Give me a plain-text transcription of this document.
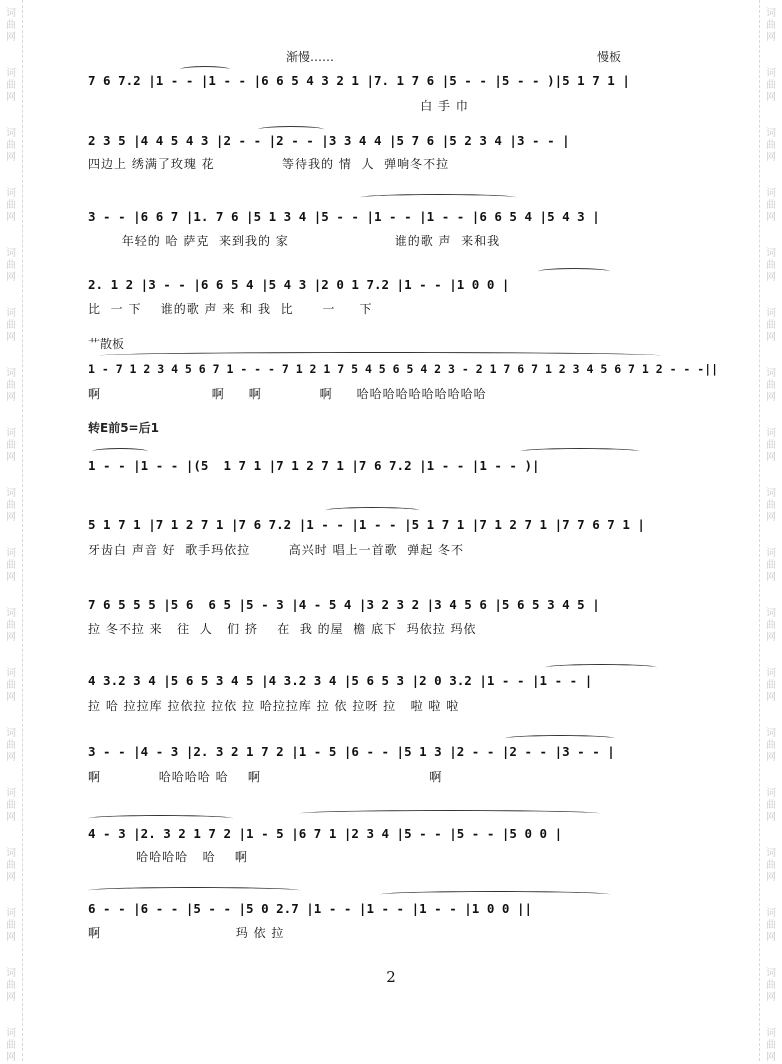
词
曲
网
词
曲
网
词
曲
网
词
曲
网
词
曲
网
词
曲
网
词
曲
网
词
曲
网
词
曲
网
词
曲
网
词
曲
网
词
曲
网
词
曲
网
词
曲
网
词
曲
网
词
曲
网
词
曲
网
词
曲
网
词
曲
网
词
曲
网
词
曲
网
词
曲
网
词
曲
网
词
曲
网
词
曲
网
词
曲
网
词
曲
网
词
曲
网
词
曲
网
词
曲
网
词
曲
网
词
曲
网
词
曲
网
词
曲
网
词
曲
网
词
曲
网
渐慢……	慢板
艹散板
转E前5=后1
7 6 7.2 |1 - - |1 - - |6 6 5 4 3 2 1 |7. 1 7 6 |5 - - |5 - - )|5 1 7 1 |
白 手 巾
2 3 5 |4 4 5 4 3 |2 - - |2 - - |3 3 4 4 |5 7 6 |5 2 3 4 |3 - - |
四边上 绣满了玫瑰 花              等待我的 情  人  弹响冬不拉
3 - - |6 6 7 |1. 7 6 |5 1 3 4 |5 - - |1 - - |1 - - |6 6 5 4 |5 4 3 |
年轻的 哈 萨克  来到我的 家                      谁的歌 声  来和我
2. 1 2 |3 - - |6 6 5 4 |5 4 3 |2 0 1 7.2 |1 - - |1 0 0 |
比  一 下    谁的歌 声 来 和 我  比      一     下
1 - 7 1 2 3 4 5 6 7 1 - - - 7 1 2 1 7 5 4 5 6 5 4 2 3 - 2 1 7 6 7 1 2 3 4 5 6 7 1 2 - - -||
啊                       啊     啊            啊     哈哈哈哈哈哈哈哈哈哈
1 - - |1 - - |(5  1 7 1 |7 1 2 7 1 |7 6 7.2 |1 - - |1 - - )|
5 1 7 1 |7 1 2 7 1 |7 6 7.2 |1 - - |1 - - |5 1 7 1 |7 1 2 7 1 |7 7 6 7 1 |
牙齿白 声音 好  歌手玛依拉        高兴时 唱上一首歌  弹起 冬不
7 6 5 5 5 |5 6  6 5 |5 - 3 |4 - 5 4 |3 2 3 2 |3 4 5 6 |5 6 5 3 4 5 |
拉 冬不拉 来   往  人   们 挤    在  我 的屋  檐 底下  玛依拉 玛依
4 3.2 3 4 |5 6 5 3 4 5 |4 3.2 3 4 |5 6 5 3 |2 0 3.2 |1 - - |1 - - |
拉 哈 拉拉库 拉依拉 拉依 拉 哈拉拉库 拉 依 拉呀 拉   啦 啦 啦
3 - - |4 - 3 |2. 3 2 1 7 2 |1 - 5 |6 - - |5 1 3 |2 - - |2 - - |3 - - |
啊            哈哈哈哈 哈    啊                                   啊
4 - 3 |2. 3 2 1 7 2 |1 - 5 |6 7 1 |2 3 4 |5 - - |5 - - |5 0 0 |
哈哈哈哈   哈    啊
6 - - |6 - - |5 - - |5 0 2.7 |1 - - |1 - - |1 - - |1 0 0 ||
啊                            玛 依 拉
2
